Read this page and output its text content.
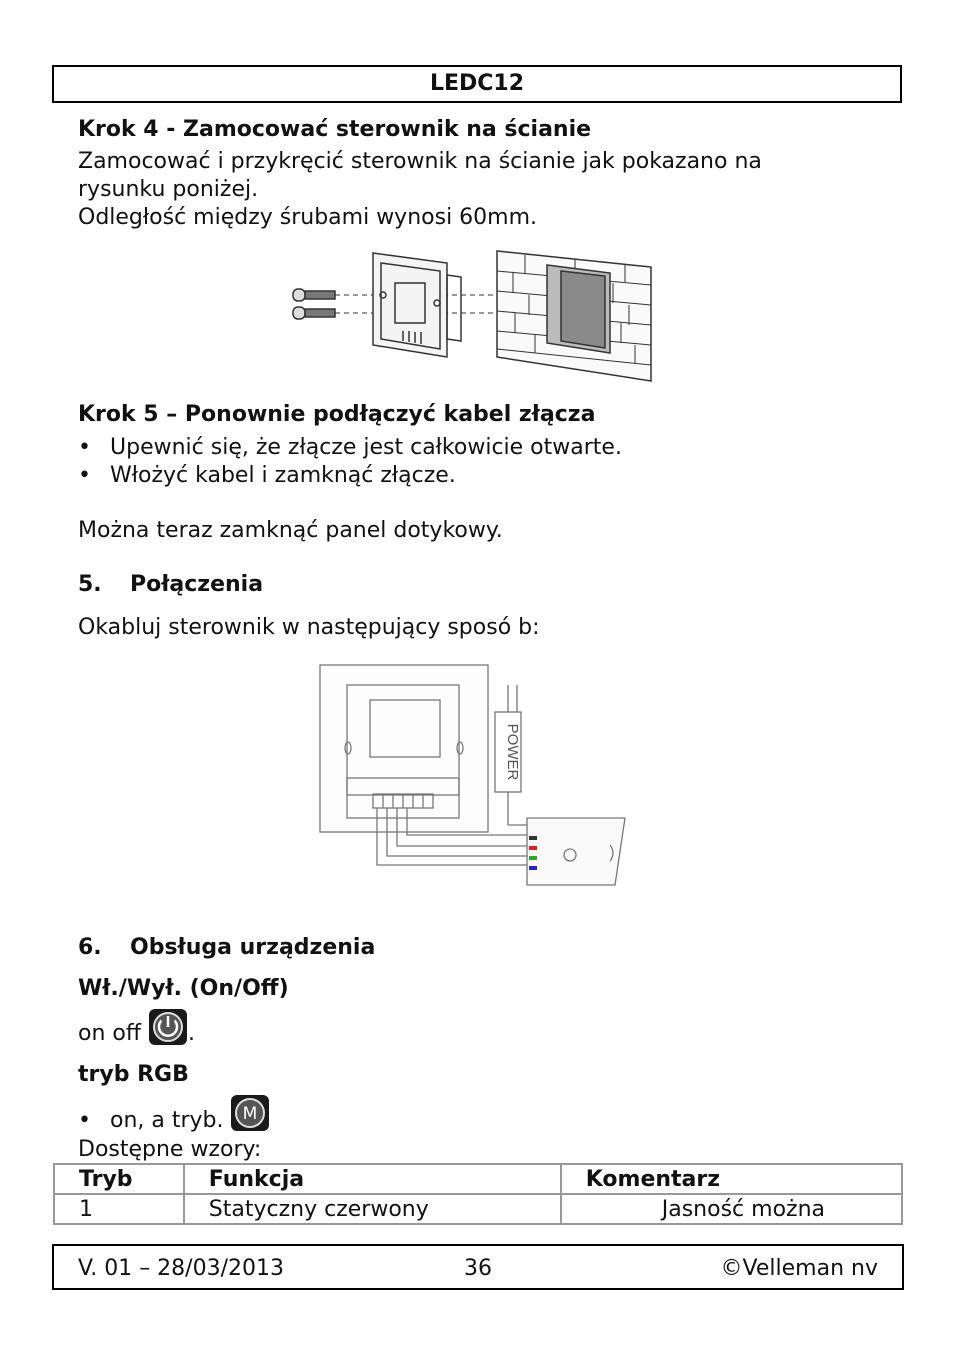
LEDC12
Krok 4 - Zamocować sterownik na ścianie
Zamocować i przykręcić sterownik na ścianie jak pokazano na
rysunku poniżej.
Odległość między śrubami wynosi 60mm.
Krok 5 – Ponownie podłączyć kabel złącza
• Upewnić się, że złącze jest całkowicie otwarte.
• Włożyć kabel i zamknąć złącze.
Można teraz zamknąć panel dotykowy.
5. Połączenia
Okabluj sterownik w następujący sposó b:
POWER
6. Obsługa urządzenia
Wł./Wył. (On/Off)
on off .
tryb RGB
• on, a tryb. M
Dostępne wzory:
Tryb	Funkcja	Komentarz
1	Statyczny czerwony	Jasność można
V. 01 – 28/03/2013	36	©Velleman nv
